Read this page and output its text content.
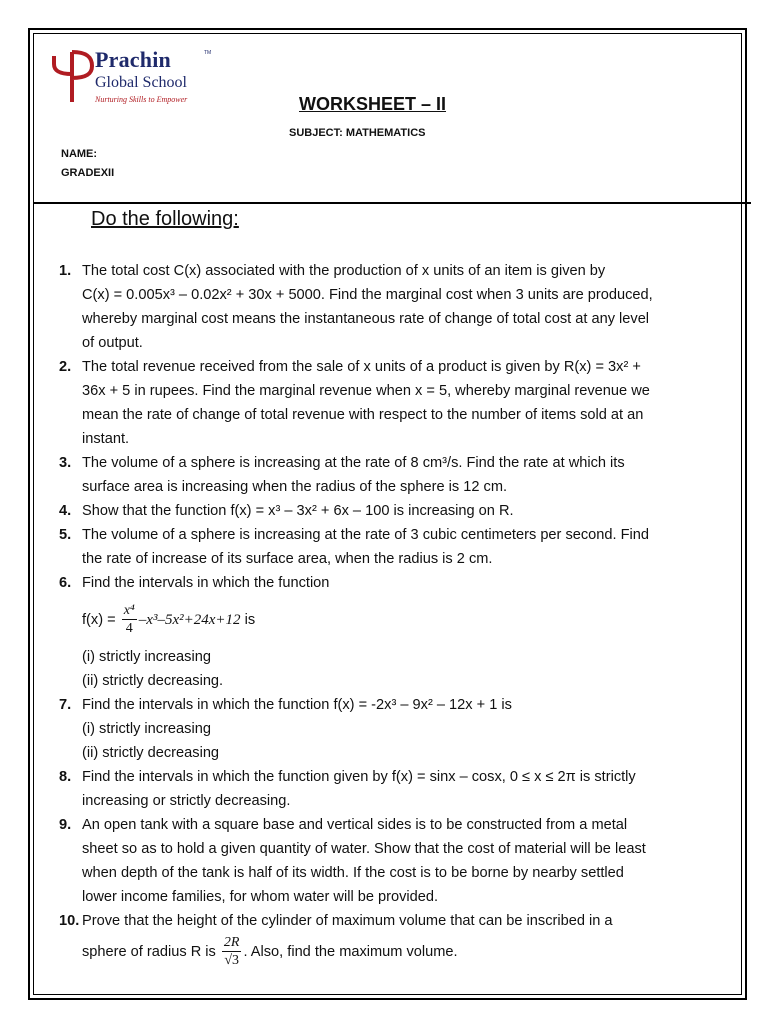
Prachin	TM
Global School
Nurturing Skills to Empower	WORKSHEET – II
SUBJECT: MATHEMATICS
NAME:
GRADEXII
Do the following:
1. The total cost C(x) associated with the production of x units of an item is given by
C(x) = 0.005x³ – 0.02x² + 30x + 5000. Find the marginal cost when 3 units are produced,
whereby marginal cost means the instantaneous rate of change of total cost at any level
of output.
2. The total revenue received from the sale of x units of a product is given by R(x) = 3x² +
36x + 5 in rupees. Find the marginal revenue when x = 5, whereby marginal revenue we
mean the rate of change of total revenue with respect to the number of items sold at an
instant.
3. The volume of a sphere is increasing at the rate of 8 cm³/s. Find the rate at which its
surface area is increasing when the radius of the sphere is 12 cm.
4. Show that the function f(x) = x³ – 3x² + 6x – 100 is increasing on R.
5. The volume of a sphere is increasing at the rate of 3 cubic centimeters per second. Find
the rate of increase of its surface area, when the radius is 2 cm.
6. Find the intervals in which the function
$f(x) = \frac{\text{x⁴}}{4} -x^3-5x^2+24x+12$ is
(i) strictly increasing
(ii) strictly decreasing.
7. Find the intervals in which the function f(x) = -2x³ – 9x² – 12x + 1 is
(i) strictly increasing
(ii) strictly decreasing
8. Find the intervals in which the function given by f(x) = sinx – cosx, 0 ≤ x ≤ 2π is strictly
increasing or strictly decreasing.
9. An open tank with a square base and vertical sides is to be constructed from a metal
sheet so as to hold a given quantity of water. Show that the cost of material will be least
when depth of the tank is half of its width. If the cost is to be borne by nearby settled
lower income families, for whom water will be provided.
10. Prove that the height of the cylinder of maximum volume that can be inscribed in a
sphere of radius R is $\frac{2R}{√3}$ . Also, find the maximum volume.
